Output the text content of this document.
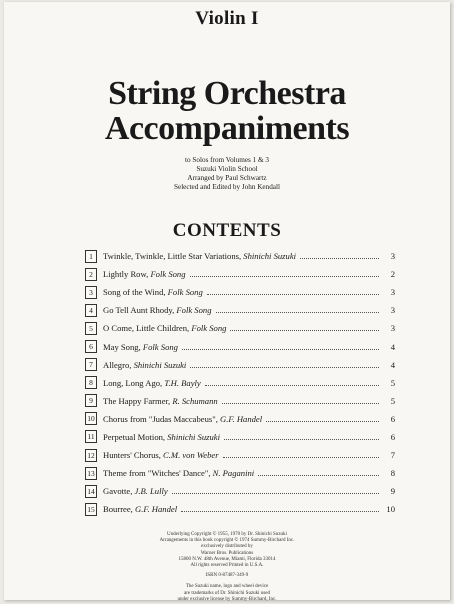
Violin I
String Orchestra
Accompaniments
to Solos from Volumes 1 & 3
Suzuki Violin School
Arranged by Paul Schwartz
Selected and Edited by John Kendall
CONTENTS
1	Twinkle, Twinkle, Little Star Variations, Shinichi Suzuki	3
2	Lightly Row, Folk Song	2
3	Song of the Wind, Folk Song	3
4	Go Tell Aunt Rhody, Folk Song	3
5	O Come, Little Children, Folk Song	3
6	May Song, Folk Song	4
7	Allegro, Shinichi Suzuki	4
8	Long, Long Ago, T.H. Bayly	5
9	The Happy Farmer, R. Schumann	5
10 Chorus from "Judas Maccabeus", G.F. Handel	6
11 Perpetual Motion, Shinichi Suzuki	6
12 Hunters' Chorus, C.M. von Weber	7
13 Theme from "Witches' Dance", N. Paganini	8
14 Gavotte, J.B. Lully	9
15 Bourree, G.F. Handel	10
Underlying Copyright © 1955, 1970 by Dr. Shinichi Suzuki
Arrangements in this book copyright © 1974 Summy-Birchard Inc.
exclusively distributed by
Warner Bros. Publications
15800 N.W. 48th Avenue, Miami, Florida 33014
All rights reserved Printed in U.S.A.
ISBN 0-87487-349-9
The Suzuki name, logo and wheel device
are trademarks of Dr. Shinichi Suzuki used
under exclusive license by Summy-Birchard, Inc.
